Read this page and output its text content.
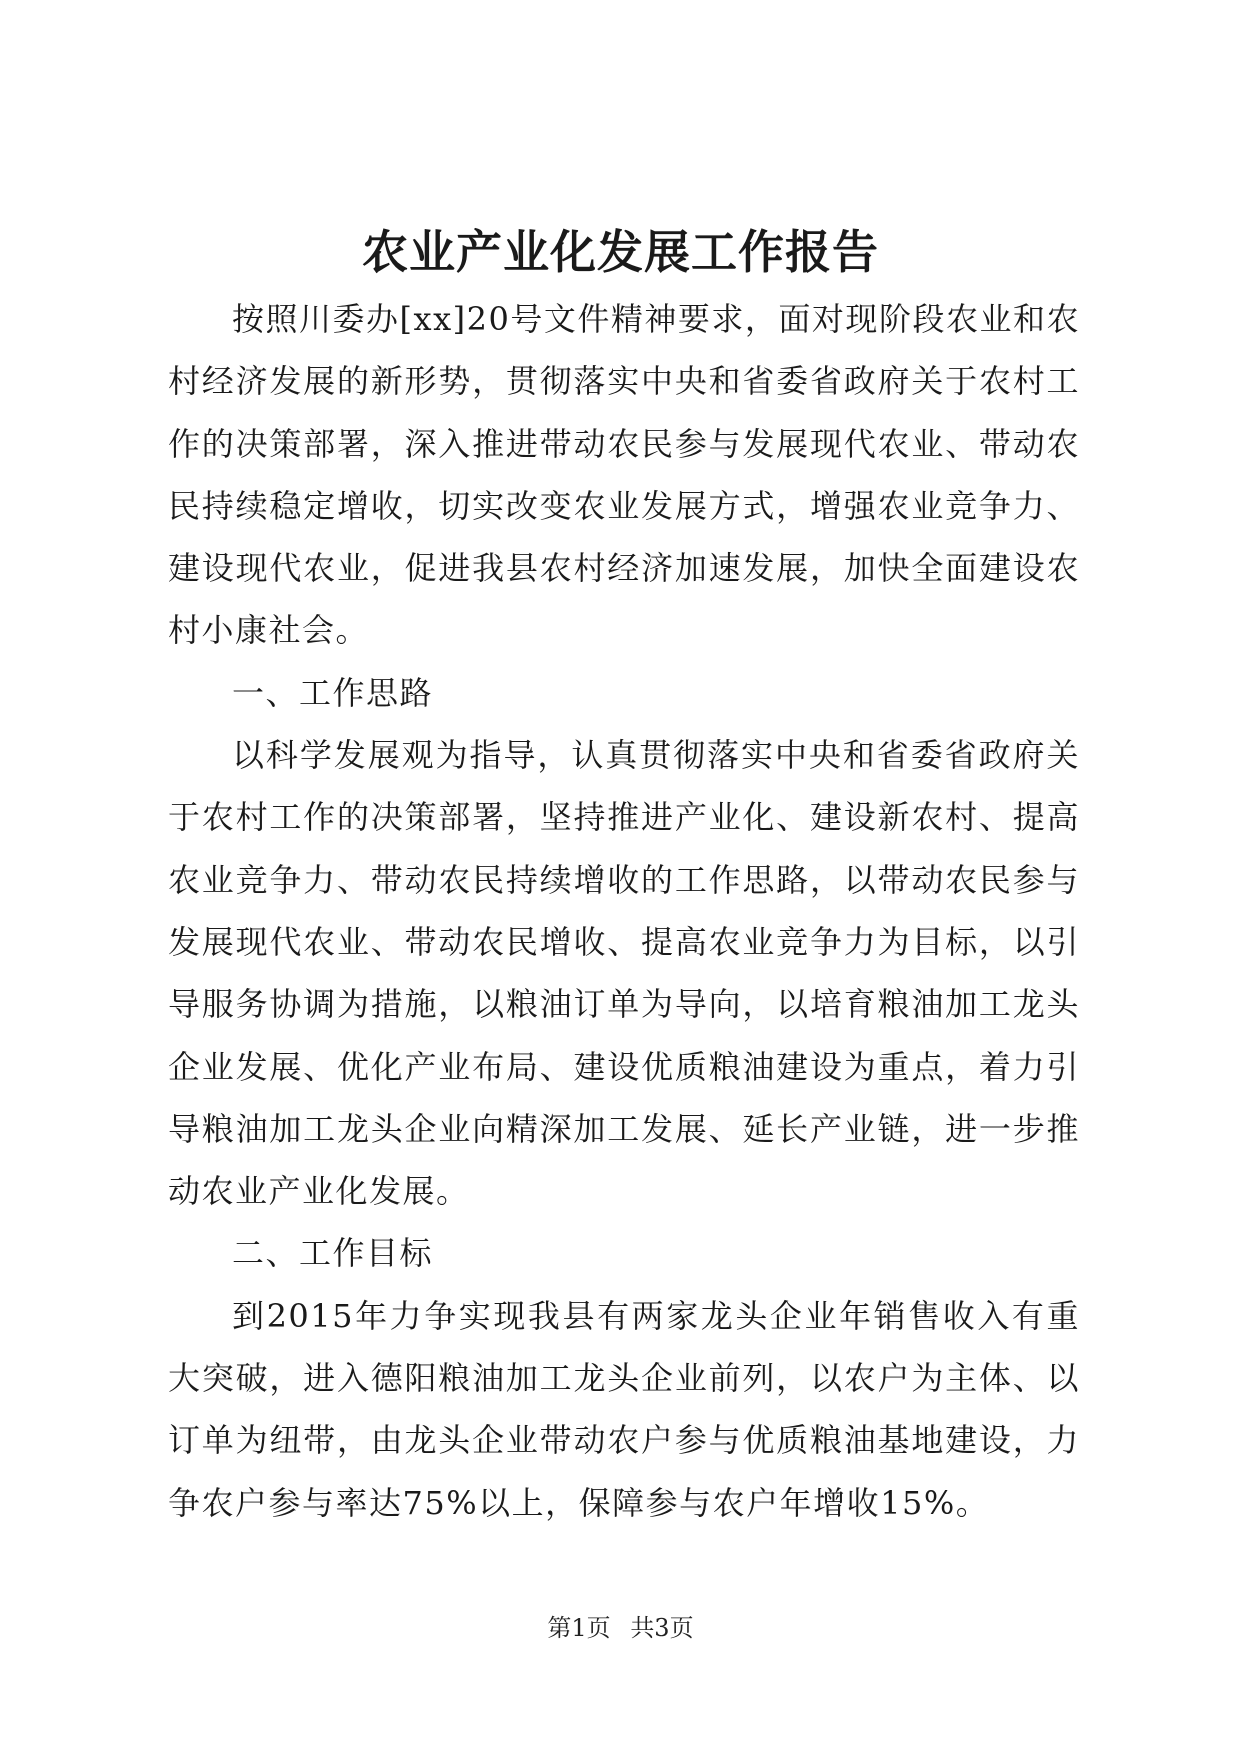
农业产业化发展工作报告

按照川委办[xx]20号文件精神要求，面对现阶段农业和农村经济发展的新形势，贯彻落实中央和省委省政府关于农村工作的决策部署，深入推进带动农民参与发展现代农业、带动农民持续稳定增收，切实改变农业发展方式，增强农业竞争力、建设现代农业，促进我县农村经济加速发展，加快全面建设农村小康社会。

一、工作思路

以科学发展观为指导，认真贯彻落实中央和省委省政府关于农村工作的决策部署，坚持推进产业化、建设新农村、提高农业竞争力、带动农民持续增收的工作思路，以带动农民参与发展现代农业、带动农民增收、提高农业竞争力为目标，以引导服务协调为措施，以粮油订单为导向，以培育粮油加工龙头企业发展、优化产业布局、建设优质粮油建设为重点，着力引导粮油加工龙头企业向精深加工发展、延长产业链，进一步推动农业产业化发展。

二、工作目标

到2015年力争实现我县有两家龙头企业年销售收入有重大突破，进入德阳粮油加工龙头企业前列，以农户为主体、以订单为纽带，由龙头企业带动农户参与优质粮油基地建设，力争农户参与率达75%以上，保障参与农户年增收15%。

第1页 共3页
